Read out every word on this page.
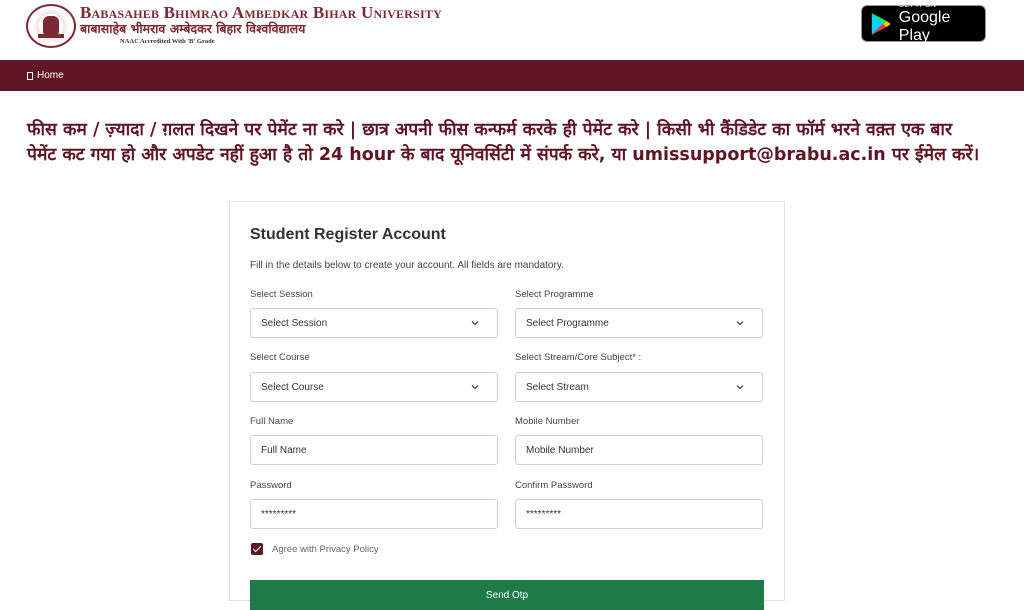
Babasaheb Bhimrao Ambedkar Bihar University
बाबासाहेब भीमराव अम्बेदकर बिहार विश्वविद्यालय
NAAC Accredited With 'B' Grade
GET IT ON
Google Play
Home
फीस कम / ज़्यादा / ग़लत दिखने पर पेमेंट ना करे | छात्र अपनी फीस कन्फर्म करके ही पेमेंट करे | किसी भी कैंडिडेट का फॉर्म भरने वक़्त एक बार पेमेंट कट गया हो और अपडेट नहीं हुआ है तो 24 hour के बाद यूनिवर्सिटी में संपर्क करे, या umissupport@brabu.ac.in पर ईमेल करें।
Student Register Account
Fill in the details below to create your account. All fields are mandatory.
Select Session
Select Session
Select Programme
Select Programme
Select Course
Select Course
Select Stream/Core Subject* :
Select Stream
Full Name
Full Name	Mobile Number
Mobile Number
Password
*********	Confirm Password
*********
Agree with Privacy Policy
Send Otp
